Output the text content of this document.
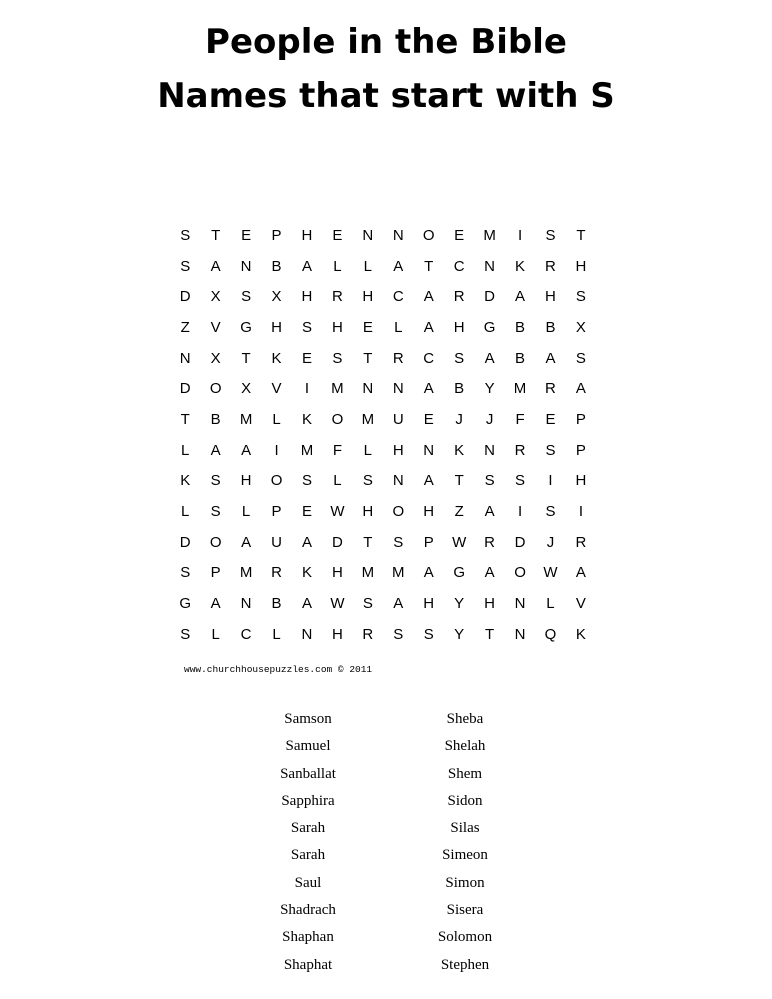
People in the Bible
Names that start with S
S	T	E	P	H	E	N	N	O	E	M	I	S	T
S	A	N	B	A	L	L	A	T	C	N	K	R	H
D	X	S	X	H	R	H	C	A	R	D	A	H	S
Z	V	G	H	S	H	E	L	A	H	G	B	B	X
N	X	T	K	E	S	T	R	C	S	A	B	A	S
D	O	X	V	I	M	N	N	A	B	Y	M	R	A
T	B	M	L	K	O	M	U	E	J	J	F	E	P
L	A	A	I	M	F	L	H	N	K	N	R	S	P
K	S	H	O	S	L	S	N	A	T	S	S	I	H
L	S	L	P	E	W	H	O	H	Z	A	I	S	I
D	O	A	U	A	D	T	S	P	W	R	D	J	R
S	P	M	R	K	H	M	M	A	G	A	O	W	A
G	A	N	B	A	W	S	A	H	Y	H	N	L	V
S	L	C	L	N	H	R	S	S	Y	T	N	Q	K

www.churchhousepuzzles.com © 2011

Samson
Samuel
Sanballat
Sapphira
Sarah
Sarah
Saul
Shadrach
Shaphan
Shaphat
Sheba
Shelah
Shem
Sidon
Silas
Simeon
Simon
Sisera
Solomon
Stephen
